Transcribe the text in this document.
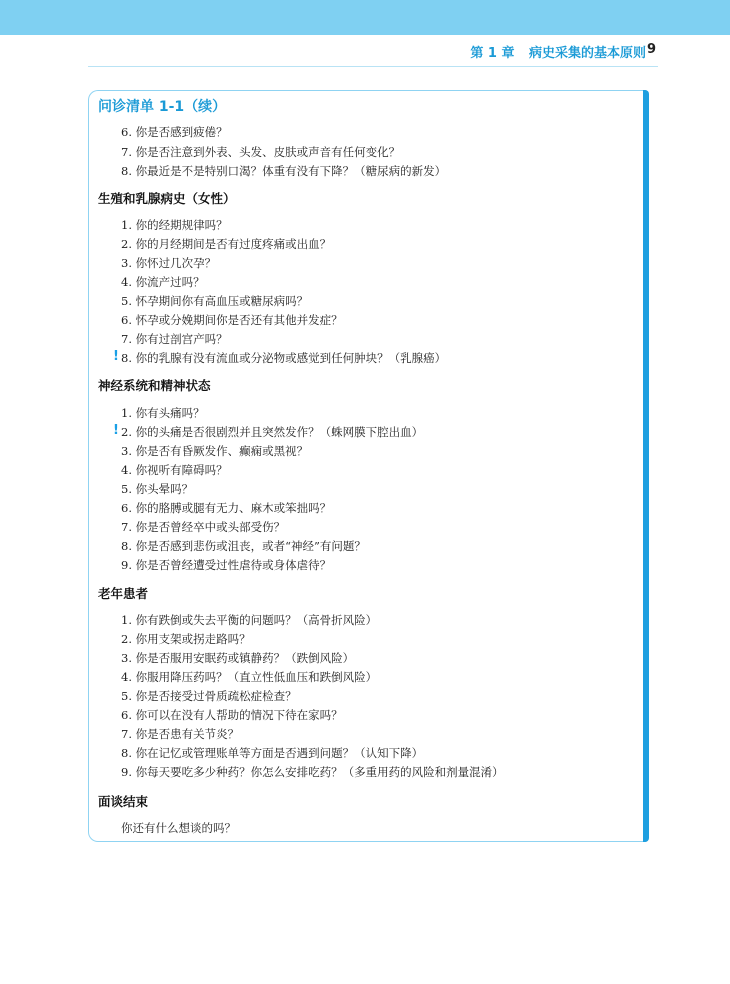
第 1 章 病史采集的基本原则 9
问诊清单 1-1（续）
6. 你是否感到疲倦？
7. 你是否注意到外表、头发、皮肤或声音有任何变化？
8. 你最近是不是特别口渴？体重有没有下降？（糖尿病的新发）
生殖和乳腺病史（女性）
1. 你的经期规律吗？
2. 你的月经期间是否有过度疼痛或出血？
3. 你怀过几次孕？
4. 你流产过吗？
5. 怀孕期间你有高血压或糖尿病吗？
6. 怀孕或分娩期间你是否还有其他并发症？
7. 你有过剖宫产吗？
! 8. 你的乳腺有没有流血或分泌物或感觉到任何肿块？（乳腺癌）
神经系统和精神状态
1. 你有头痛吗？
! 2. 你的头痛是否很剧烈并且突然发作？（蛛网膜下腔出血）
3. 你是否有昏厥发作、癫痫或黑视？
4. 你视听有障碍吗？
5. 你头晕吗？
6. 你的胳膊或腿有无力、麻木或笨拙吗？
7. 你是否曾经卒中或头部受伤？
8. 你是否感到悲伤或沮丧，或者“神经”有问题？
9. 你是否曾经遭受过性虐待或身体虐待？
老年患者
1. 你有跌倒或失去平衡的问题吗？（高骨折风险）
2. 你用支架或拐走路吗？
3. 你是否服用安眠药或镇静药？（跌倒风险）
4. 你服用降压药吗？（直立性低血压和跌倒风险）
5. 你是否接受过骨质疏松症检查？
6. 你可以在没有人帮助的情况下待在家吗？
7. 你是否患有关节炎？
8. 你在记忆或管理账单等方面是否遇到问题？（认知下降）
9. 你每天要吃多少种药？你怎么安排吃药？（多重用药的风险和剂量混淆）
面谈结束
你还有什么想谈的吗？
